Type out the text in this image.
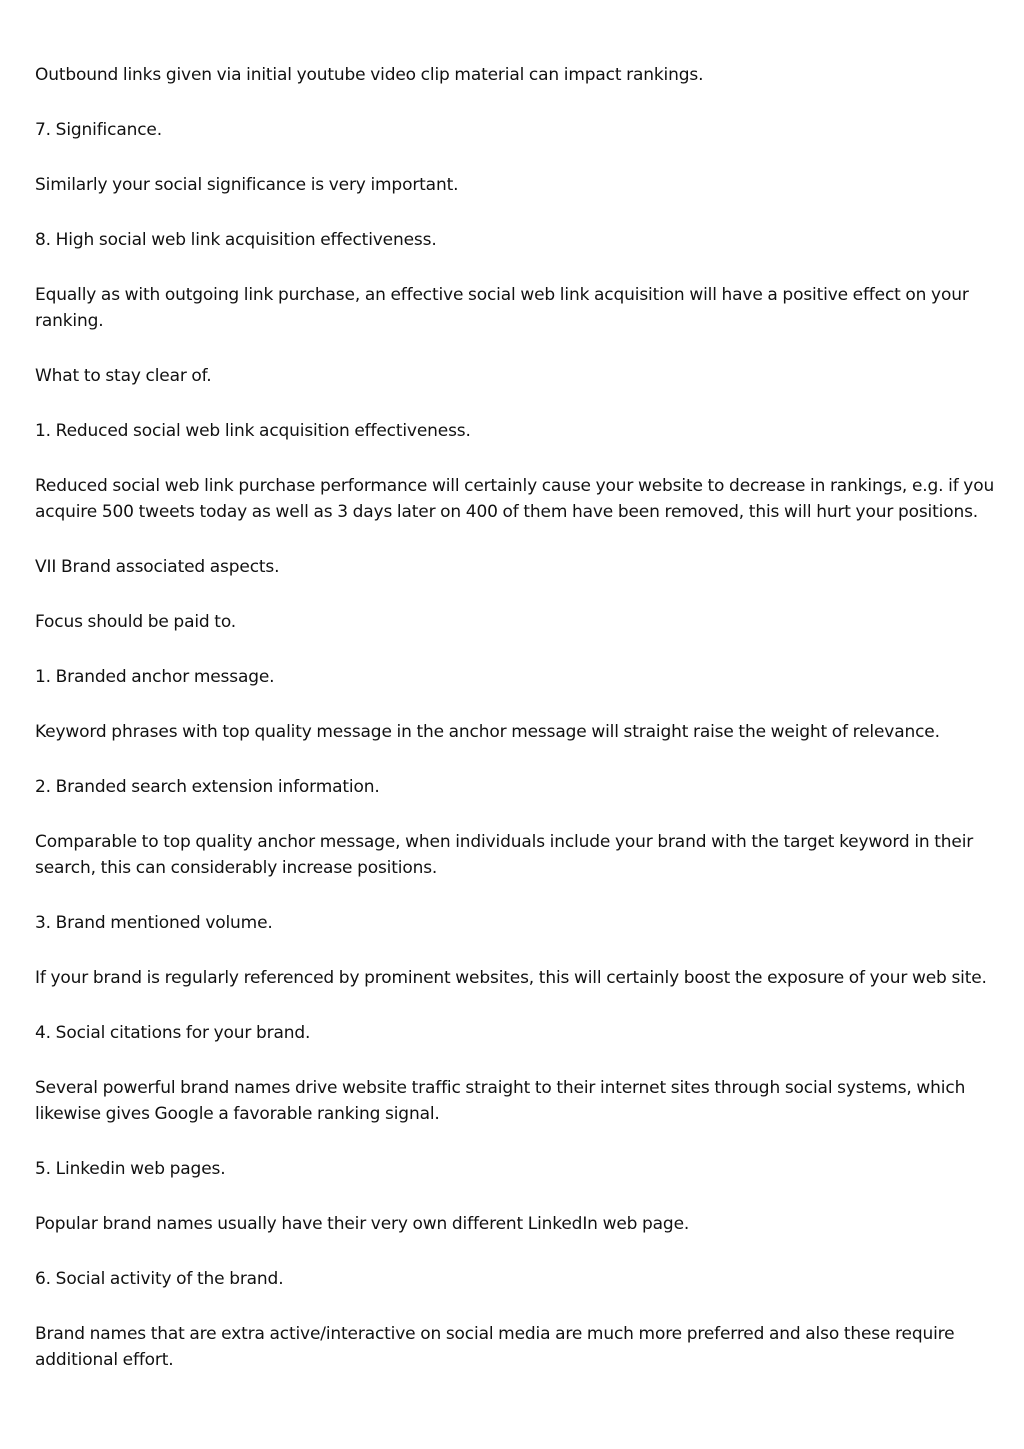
Outbound links given via initial youtube video clip material can impact rankings.

7. Significance.

Similarly your social significance is very important.

8. High social web link acquisition effectiveness.

Equally as with outgoing link purchase, an effective social web link acquisition will have a positive effect on your ranking.

What to stay clear of.

1. Reduced social web link acquisition effectiveness.

Reduced social web link purchase performance will certainly cause your website to decrease in rankings, e.g. if you acquire 500 tweets today as well as 3 days later on 400 of them have been removed, this will hurt your positions.

VII Brand associated aspects.

Focus should be paid to.

1. Branded anchor message.

Keyword phrases with top quality message in the anchor message will straight raise the weight of relevance.

2. Branded search extension information.

Comparable to top quality anchor message, when individuals include your brand with the target keyword in their search, this can considerably increase positions.

3. Brand mentioned volume.

If your brand is regularly referenced by prominent websites, this will certainly boost the exposure of your web site.

4. Social citations for your brand.

Several powerful brand names drive website traffic straight to their internet sites through social systems, which likewise gives Google a favorable ranking signal.

5. Linkedin web pages.

Popular brand names usually have their very own different LinkedIn web page.

6. Social activity of the brand.

Brand names that are extra active/interactive on social media are much more preferred and also these require additional effort.
